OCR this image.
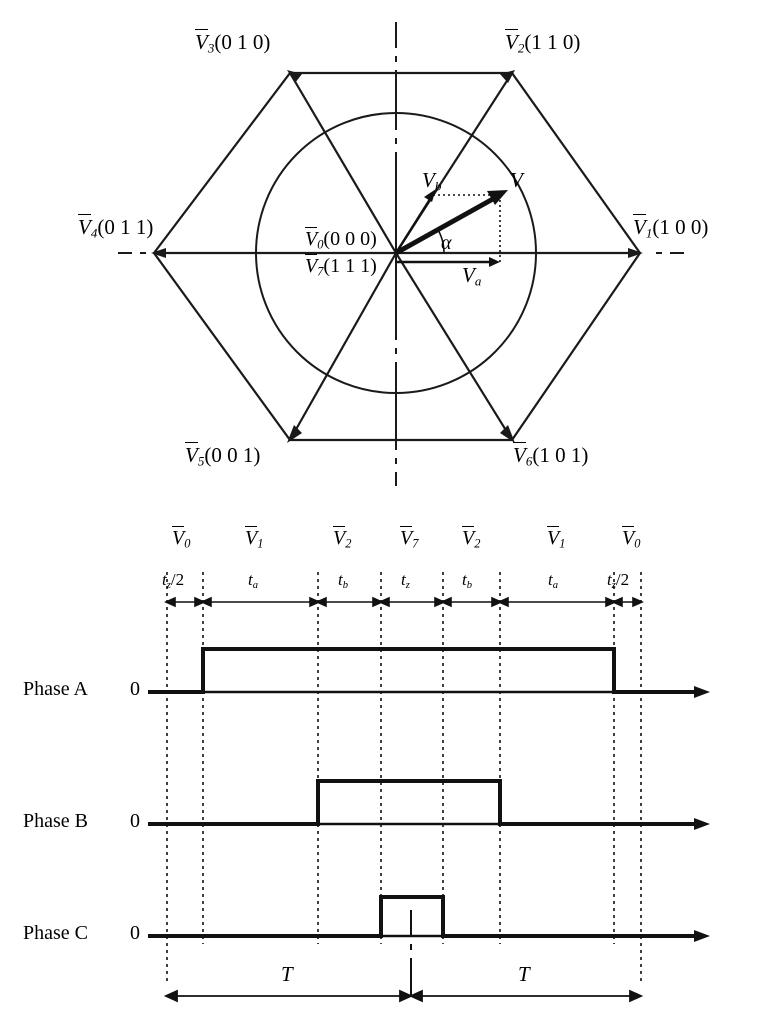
$V_3(0$ 1 0)	$V_2(1$ 1 0)
$V_4(0$ 1 1)	$V_1(1$ 0 0)
$V_5(0$ 0 1)	$V_6(1$ 0 1)
$V_0(0$ 0 0)
$V_7(1$ 1 1)
$V_b$
$V_a$
V
α
$V_0$	$V_1$	$V_2$ $V_7$ $V_2$	$V_1$	$V_0$
$t_z/2$	$t_a$	$t_b$	$t_z$	$t_b$	$t_a$	$t_z/2$
Phase A 0
Phase B 0
Phase C 0
T	T
